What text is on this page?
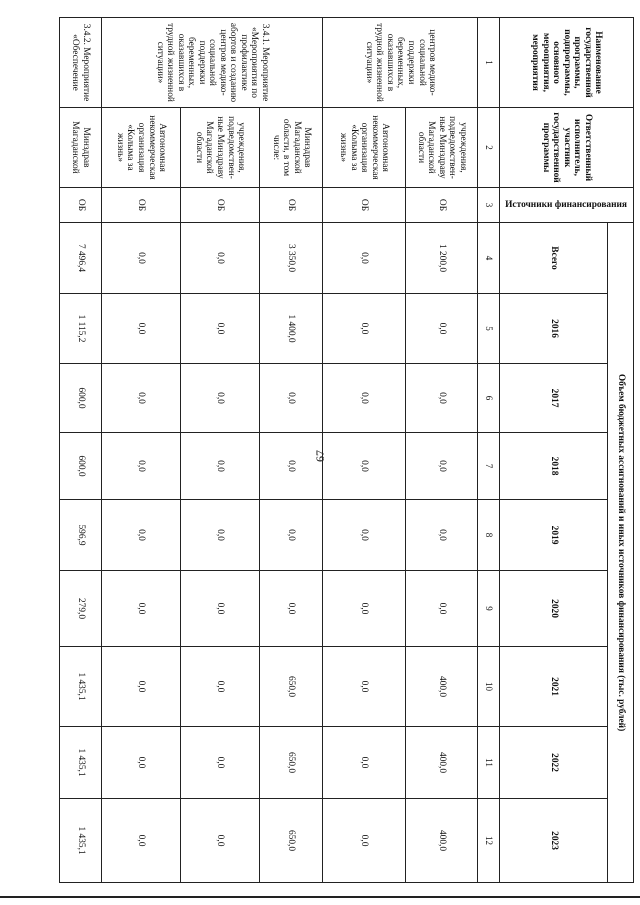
67
Наименование государственной программы, подпрограммы, основного мероприятия, мероприятия	Ответственный исполнитель, участник государственной программы	Источники финансирования	Объем бюджетных ассигнований и иных источников финансирования (тыс. рублей)								
			Всего	2016	2017	2018	2019	2020	2021	2022	2023
1	2	3	4	5	6	7	8	9	10	11	12
центров медико-социальной поддержки беременных, оказавшихся в трудной жизненной ситуации»	учреждения, подведомственные Минздраву Магаданской области	ОБ	1 200,0	0,0	0,0	0,0	0,0	0,0	400,0	400,0	400,0
	Автономная некоммерческая организация «Колыма за жизнь»	ОБ	0,0	0,0	0,0	0,0	0,0	0,0	0,0	0,0	0,0
3.4.1. Мероприятие «Мероприятия по профилактике абортов и созданию центров медико-социальной поддержки беременных, оказавшихся в трудной жизненной ситуации»	Минздрав Магаданской области, в том числе:	ОБ	3 350,0	1 400,0	0,0	0,0	0,0	0,0	650,0	650,0	650,0
	учреждения, подведомственные Минздраву Магаданской области	ОБ	0,0	0,0	0,0	0,0	0,0	0,0	0,0	0,0	0,0
	Автономная некоммерческая организация «Колыма за жизнь»	ОБ	0,0	0,0	0,0	0,0	0,0	0,0	0,0	0,0	0,0
3.4.2. Мероприятие «Обеспечение	Минздрав Магаданской	ОБ	7 496,4	1 115,2	600,0	600,0	596,9	279,0	1 435,1	1 435,1	1 435,1
